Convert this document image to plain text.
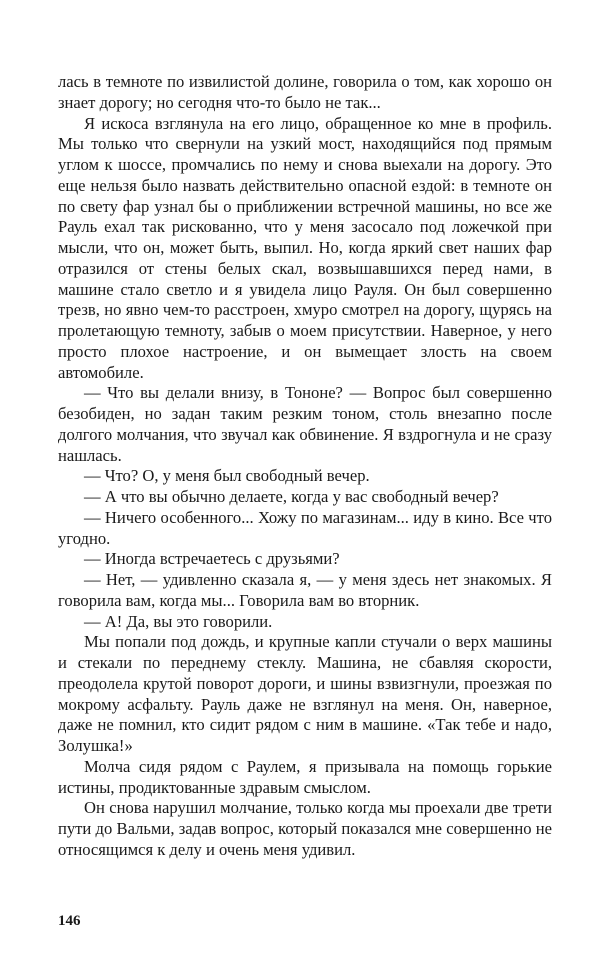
лась в темноте по извилистой долине, говорила о том, как хорошо он знает дорогу; но сегодня что-то было не так...

Я искоса взглянула на его лицо, обращенное ко мне в профиль. Мы только что свернули на узкий мост, находящийся под прямым углом к шоссе, промчались по нему и снова выехали на дорогу. Это еще нельзя было назвать действительно опасной ездой: в темноте он по свету фар узнал бы о приближении встречной машины, но все же Рауль ехал так рискованно, что у меня засосало под ложечкой при мысли, что он, может быть, выпил. Но, когда яркий свет наших фар отразился от стены белых скал, возвышавшихся перед нами, в машине стало светло и я увидела лицо Рауля. Он был совершенно трезв, но явно чем-то расстроен, хмуро смотрел на дорогу, щурясь на пролетающую темноту, забыв о моем присутствии. Наверное, у него просто плохое настроение, и он вымещает злость на своем автомобиле.

— Что вы делали внизу, в Тононе? — Вопрос был совершенно безобиден, но задан таким резким тоном, столь внезапно после долгого молчания, что звучал как обвинение. Я вздрогнула и не сразу нашлась.

— Что? О, у меня был свободный вечер.

— А что вы обычно делаете, когда у вас свободный вечер?

— Ничего особенного... Хожу по магазинам... иду в кино. Все что угодно.

— Иногда встречаетесь с друзьями?

— Нет, — удивленно сказала я, — у меня здесь нет знакомых. Я говорила вам, когда мы... Говорила вам во вторник.

— А! Да, вы это говорили.

Мы попали под дождь, и крупные капли стучали о верх машины и стекали по переднему стеклу. Машина, не сбавляя скорости, преодолела крутой поворот дороги, и шины взвизгнули, проезжая по мокрому асфальту. Рауль даже не взглянул на меня. Он, наверное, даже не помнил, кто сидит рядом с ним в машине. «Так тебе и надо, Золушка!»

Молча сидя рядом с Раулем, я призывала на помощь горькие истины, продиктованные здравым смыслом.

Он снова нарушил молчание, только когда мы проехали две трети пути до Вальми, задав вопрос, который показался мне совершенно не относящимся к делу и очень меня удивил.

146
